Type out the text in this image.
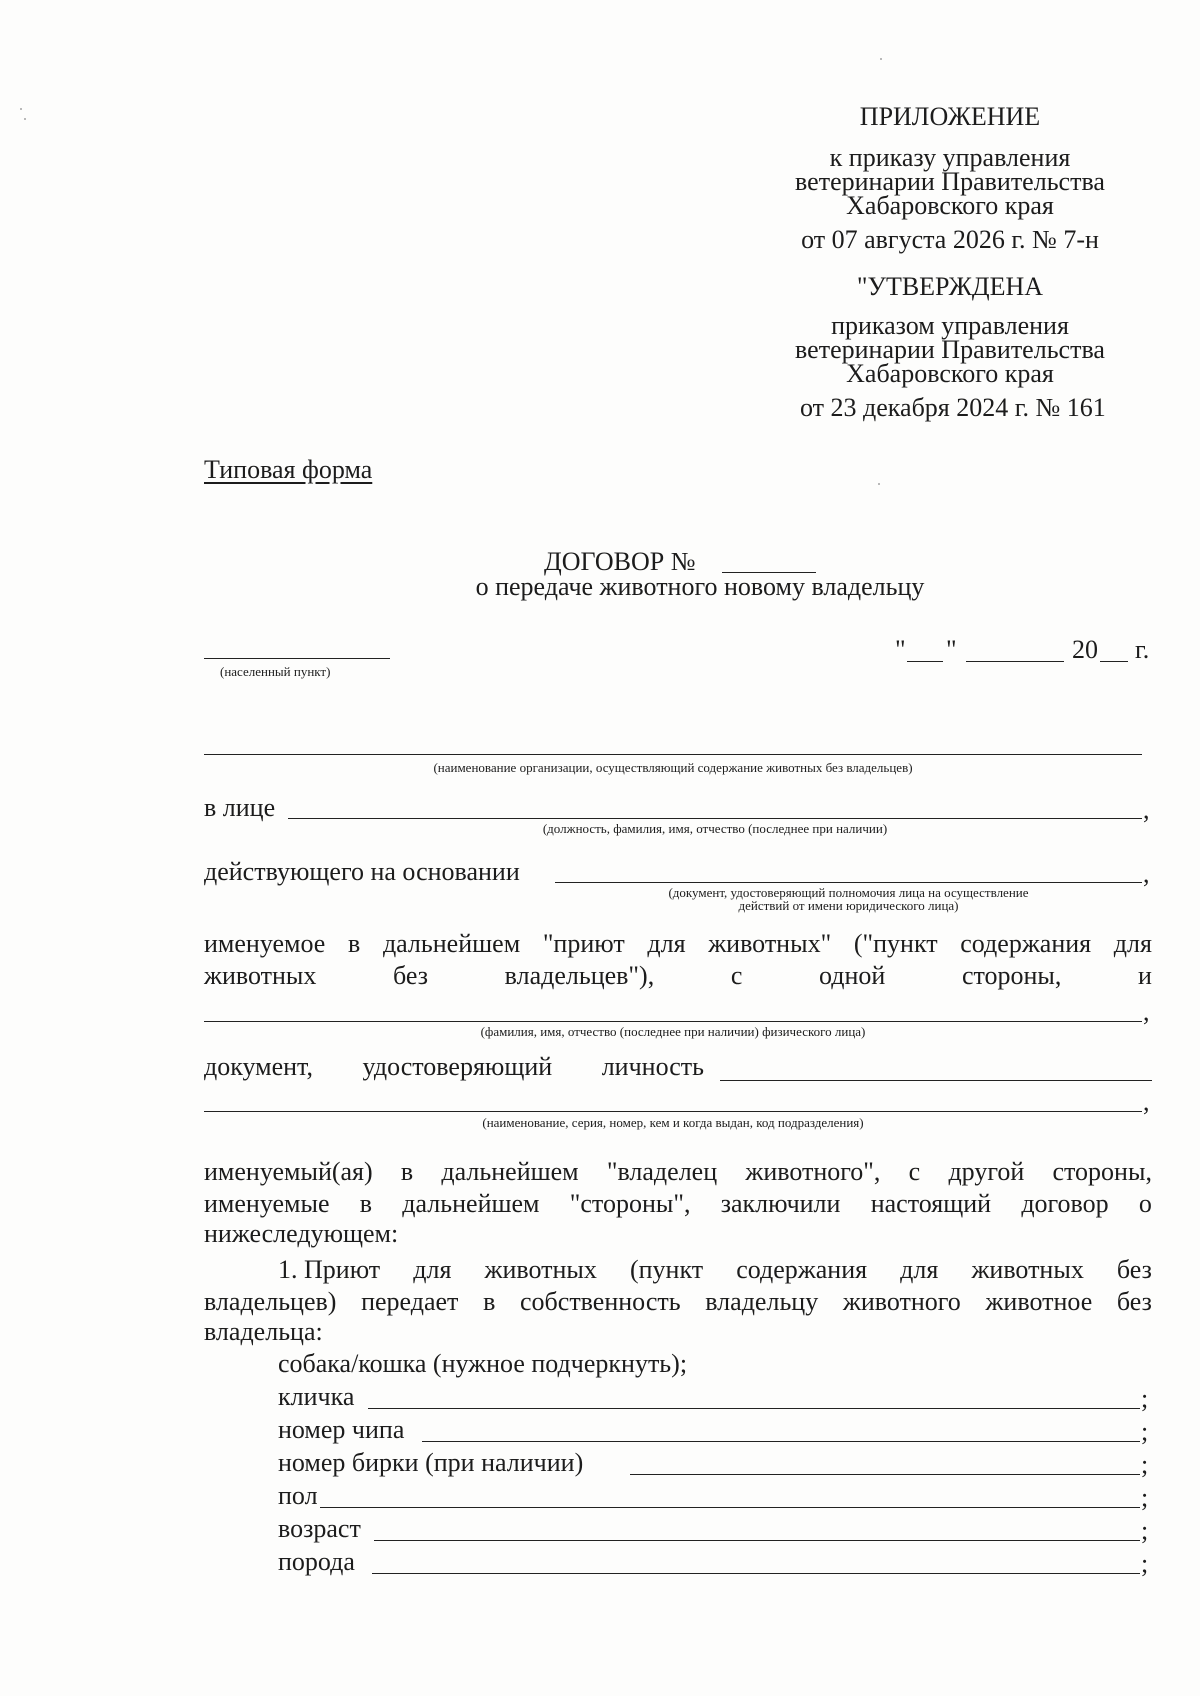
ПРИЛОЖЕНИЕ
к приказу управления
ветеринарии Правительства
Хабаровского края
от 07 августа 2026 г. № 7-н
"УТВЕРЖДЕНА
приказом управления
ветеринарии Правительства
Хабаровского края
от 23 декабря 2024 г. № 161
Типовая форма
ДОГОВОР №
о передаче животного новому владельцу
(населенный пункт)
" "	20 г.
(наименование организации, осуществляющий содержание животных без владельцев)
в лице	,
(должность, фамилия, имя, отчество (последнее при наличии)
действующего на основании	,
(документ, удостоверяющий полномочия лица на осуществление
действий от имени юридического лица)
именуемое в дальнейшем "приют для животных" ("пункт содержания для
животных	без	владельцев"),	с	одной	стороны,	и
,
(фамилия, имя, отчество (последнее при наличии) физического лица)
документ, удостоверяющий личность
,
(наименование, серия, номер, кем и когда выдан, код подразделения)
именуемый(ая) в дальнейшем "владелец животного", с другой стороны,
именуемые в дальнейшем "стороны", заключили настоящий договор о
нижеследующем:
1. Приют для животных (пункт содержания для животных без
владельцев) передает в собственность владельцу животного животное без
владельца:
собака/кошка (нужное подчеркнуть);
кличка	;
номер чипа	;
номер бирки (при наличии)	;
пол	;
возраст	;
порода	;
